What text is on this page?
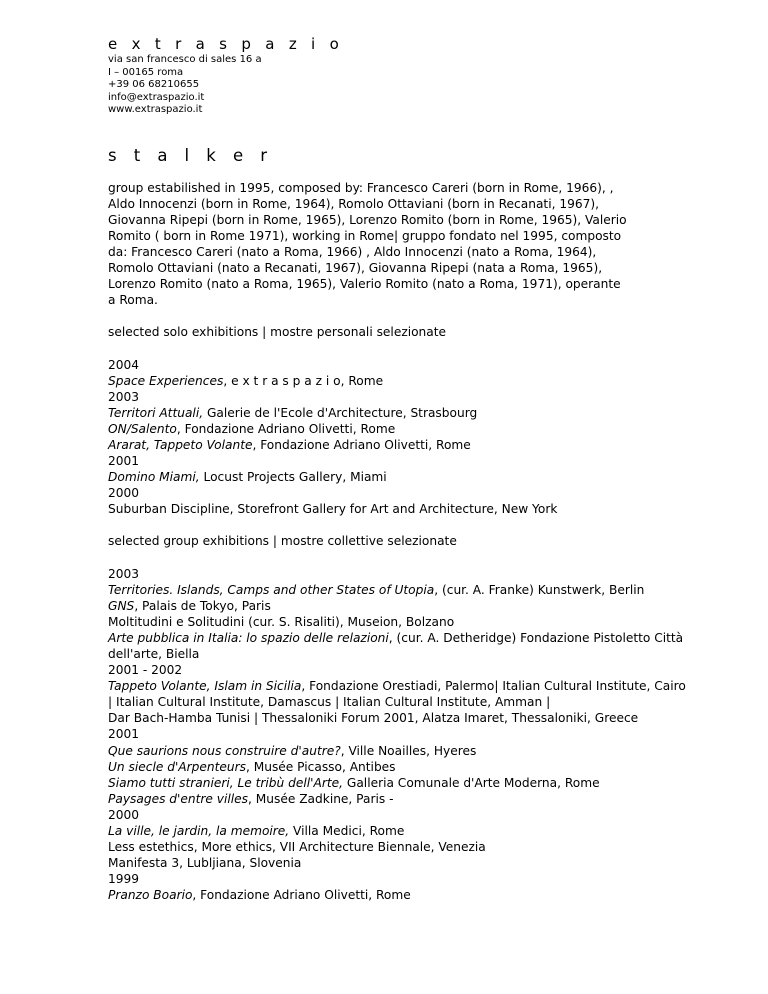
e x t r a s p a z i o
via san francesco di sales 16 a
I – 00165 roma
+39 06 68210655
info@extraspazio.it
www.extraspazio.it
s t a l k e r
group estabilished in 1995, composed by: Francesco Careri (born in Rome, 1966), ,
Aldo Innocenzi (born in Rome, 1964), Romolo Ottaviani (born in Recanati, 1967),
Giovanna Ripepi (born in Rome, 1965), Lorenzo Romito (born in Rome, 1965), Valerio
Romito ( born in Rome 1971), working in Rome| gruppo fondato nel 1995, composto
da: Francesco Careri (nato a Roma, 1966) , Aldo Innocenzi (nato a Roma, 1964),
Romolo Ottaviani (nato a Recanati, 1967), Giovanna Ripepi (nata a Roma, 1965),
Lorenzo Romito (nato a Roma, 1965), Valerio Romito (nato a Roma, 1971), operante
a Roma.
selected solo exhibitions | mostre personali selezionate
2004
Space Experiences, e x t r a s p a z i o, Rome
2003
Territori Attuali, Galerie de l'Ecole d'Architecture, Strasbourg
ON/Salento, Fondazione Adriano Olivetti, Rome
Ararat, Tappeto Volante, Fondazione Adriano Olivetti, Rome
2001
Domino Miami, Locust Projects Gallery, Miami
2000
Suburban Discipline, Storefront Gallery for Art and Architecture, New York
selected group exhibitions | mostre collettive selezionate
2003
Territories. Islands, Camps and other States of Utopia, (cur. A. Franke) Kunstwerk, Berlin
GNS, Palais de Tokyo, Paris
Moltitudini e Solitudini (cur. S. Risaliti), Museion, Bolzano
Arte pubblica in Italia: lo spazio delle relazioni, (cur. A. Detheridge) Fondazione Pistoletto Città
dell'arte, Biella
2001 - 2002
Tappeto Volante, Islam in Sicilia, Fondazione Orestiadi, Palermo| Italian Cultural Institute, Cairo
| Italian Cultural Institute, Damascus | Italian Cultural Institute, Amman |
Dar Bach-Hamba Tunisi | Thessaloniki Forum 2001, Alatza Imaret, Thessaloniki, Greece
2001
Que saurions nous construire d'autre?, Ville Noailles, Hyeres
Un siecle d'Arpenteurs, Musée Picasso, Antibes
Siamo tutti stranieri, Le tribù dell'Arte, Galleria Comunale d'Arte Moderna, Rome
Paysages d'entre villes, Musée Zadkine, Paris -
2000
La ville, le jardin, la memoire, Villa Medici, Rome
Less estethics, More ethics, VII Architecture Biennale, Venezia
Manifesta 3, Lubljiana, Slovenia
1999
Pranzo Boario, Fondazione Adriano Olivetti, Rome
